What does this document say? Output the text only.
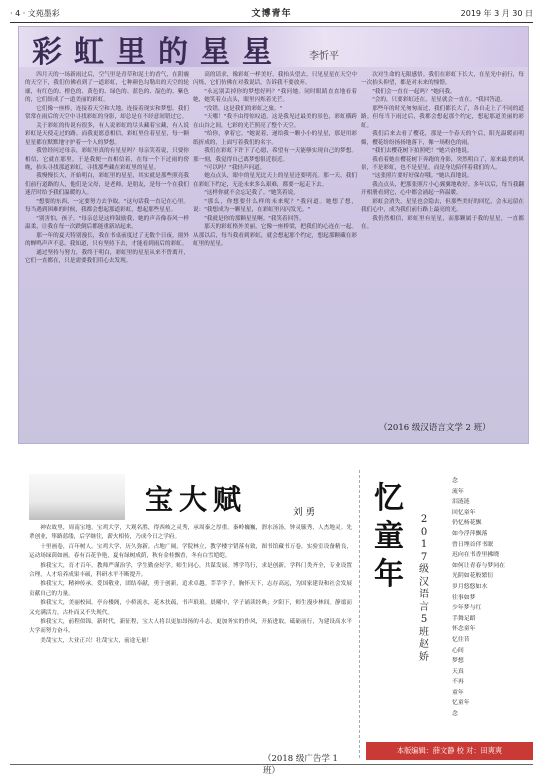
· 4 · 文苑墨彩	文博青年	2019 年 3 月 30 日
彩 虹 里 的 星 星	李忻平

四月天的一场新雨过后，空气里是青草和泥土的香气，在阴霾的天空下，我们仿佛看到了一道彩虹，七种颜色勾勒出的天空的轮廓，有红色的、橙色的、黄色的、绿色的、蓝色的、靛色的、紫色的，它们组成了一道美丽的彩虹。

它们像一座桥，连接着天空和大地，连接着现实和梦想。我们常常在雨后的天空中寻找彩虹的身影，却总是在不经意间错过它。

关于彩虹的传说有很多，有人说彩虹的尽头藏着宝藏，有人说彩虹是天使走过的路。而我更愿意相信，彩虹里住着星星，每一颗星星都在默默地守护着一个人的梦想。

我曾经问过母亲，彩虹里真的有星星吗？母亲笑着说，只要你相信，它就在那里。于是我便一直相信着，在每一个下过雨的傍晚，抬头寻找那道彩虹，寻找那些藏在彩虹里的星星。

我慢慢长大，开始明白，彩虹里的星星，其实就是那些照亮我们前行道路的人，他们是父母，是老师，是朋友，是每一个在我们迷茫时给予我们温暖的人。

"想要的东西，一定要努力去争取。"这句话我一直记在心里。每当遇到困难的时候，我都会想起那道彩虹，想起那些星星。

"别害怕，孩子。"母亲总是这样鼓励我，她的声音像春风一样温柔，让我在每一次跌倒后都能重新站起来。

那一年的夏天特别漫长，我在书桌前度过了无数个日夜，窗外的蝉鸣声声不息。我知道，只有坚持下去，才能看到雨后的彩虹。

通过坚持与努力，我终于明白，彩虹里的星星从来不曾离开，它们一直都在，只是需要我们用心去发现。

高的请求，像彩虹一样美好。我抬头望去，只见星星在天空中闪烁，它们仿佛在对我说话，告诉我不要放弃。

"永远别丢掉你的梦想好吗？"我问她。同时眼睛直直地看着她，她笑着点点头，眼里闪烁着光芒。

"没错，这是我们的彩虹之旅。"

"天哪！"我不由得惊叹道，这是我见过最美的景色，彩虹横跨在山谷之间，七彩的光芒照亮了整个天空。

"给你，拿着它。"她说着，递给我一颗小小的星星，那是用彩纸折成的，上面写着我们的名字。

我们在彩虹下许下了心愿，希望有一天能够实现自己的梦想。那一刻，我觉得自己离梦想很近很近。

"可以吗？"我轻声问道。

她点点头，眼中的星光比天上的星星还要明亮。那一天，我们在彩虹下约定，无论未来多么艰难，都要一起走下去。

"这样你就不会忘记我了。"她笑着说。

"那么，你想要什么样的未来呢？"我问道。她想了想，说："我想成为一颗星星，在彩虹里闪闪发光。"

"我就是你的那颗星星啊。"我笑着回答。

那天的彩虹格外美丽，它像一座桥梁，把我们的心连在一起。从那以后，每当我看到彩虹，就会想起那个约定，想起那颗藏在彩虹里的星星。

次对生命的无限感悟。我们在彩虹下长大，在星光中前行，每一次抬头仰望，都是对未来的憧憬。

"我们会一直在一起吗？"她问我。

"会的，只要彩虹还在，星星就会一直在。"我回答道。

那些年的时光匆匆而过，我们都长大了，各自走上了不同的道路。但每当下雨过后，我都会想起那个约定，想起那道美丽的彩虹。

我们后来去看了樱花，那是一个春天的午后，阳光温暖而明媚，樱花纷纷扬扬地落下，像一场粉色的雨。

"我们去樱花树下拍照吧！"她兴奋地说。

我看着她在樱花树下奔跑的身影，突然明白了，原来最美的风景，不是彩虹，也不是星星，而是身边陪伴着我们的人。

"这张照片要好好保存哦。"她认真地说。

我点点头，把那张照片小心翼翼地收好。多年以后，每当我翻开相册看到它，心中都会涌起一阵温暖。

彩虹会消失，星星也会隐去，但那些美好的回忆，会永远留在我们心中，成为我们前行路上最亮的光。

我仍然相信，彩虹里有星星，而那颗属于我的星星，一直都在。

（2016 级汉语言文学 2 班）
宝 大 赋	刘 勇

神农故里，周南宝地。宝鸡大学，大观名胜，得西岐之灵秀，承周秦之厚重。秦岭巍巍，渭水汤汤，钟灵毓秀，人杰地灵。先辈创业，筚路蓝缕，后学继往，薪火相传，乃成今日之学府。

十里画卷，百年树人。宝鸡大学，历久弥新。占地广阔，学院林立，教学楼宇错落有致，图书馆藏书万卷，实验室设备精良，运动场绿茵如画。春有百花争艳，夏有绿树成荫，秋有金桂飘香，冬有白雪皑皑。

推我宝大，育才百年。教师严谨治学，学生勤奋好学。师生同心，共谋发展。博学笃行，求是创新，学科门类齐全，专业设置合理，人才培养成果丰硕，科研水平不断提升。

推我宝大，精神传承。爱国敬业，团结奉献，勇于创新，追求卓越。莘莘学子，胸怀天下，志存高远，为国家建设和社会发展贡献自己的力量。

推我宝大，美丽校园。亭台楼阁，小桥流水，花木扶疏，书声琅琅。晨曦中，学子诵读经典；夕阳下，师生漫步林间。静谧而又充满活力，古朴而又不失现代。

推我宝大，前程似锦。新时代，新征程，宝大人将以更加昂扬的斗志，更加务实的作风，开拓进取，砥砺前行，为建设高水平大学而努力奋斗。

美哉宝大，大业正兴！壮哉宝大，前途无量！

（2018 级广告学 1 班）
忆
童
年
2
0
1
7
级
汉
语
言
5
班
赵
娇
念
流年
泪涟涟
回忆童年
仍忆杨花飘
如今浮萍飘落
曾日埋首伴书眠
迟向在书香里拂晓
如何让青春与梦同在
光阴如花般繁衍
岁月悠悠如水
往事如梦
少年梦与红
手舞足蹈
怀念童年
忆往昔
心间
梦想
天真
不再
童年
忆童年
念
本版编辑：薛文静 校 对：田爽爽
